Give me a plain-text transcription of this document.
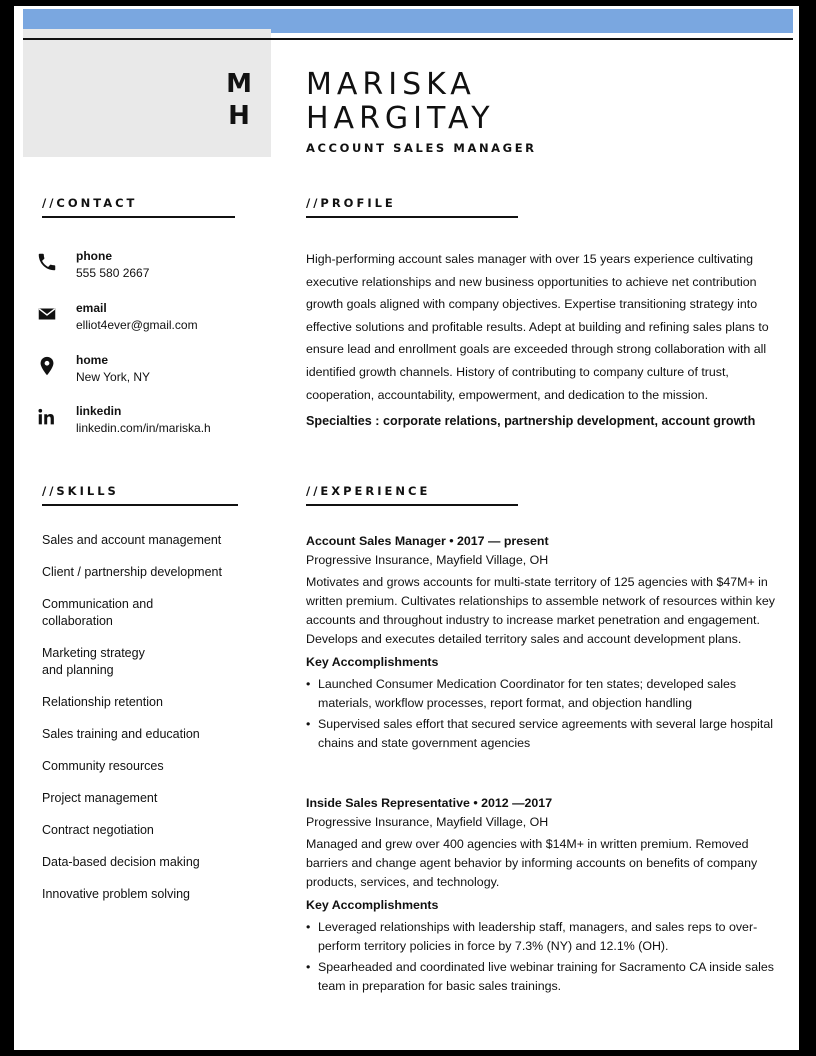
M
H
MARISKA
HARGITAY
ACCOUNT SALES MANAGER
//CONTACT
phone
555 580 2667
email
elliot4ever@gmail.com
home
New York, NY
linkedin
linkedin.com/in/mariska.h
//PROFILE
High-performing account sales manager with over 15 years experience cultivating executive relationships and new business opportunities to achieve net contribution growth goals aligned with company objectives. Expertise transitioning strategy into effective solutions and profitable results. Adept at building and refining sales plans to ensure lead and enrollment goals are exceeded through strong collaboration with all identified growth channels. History of contributing to company culture of trust, cooperation, accountability, empowerment, and dedication to the mission.
Specialties : corporate relations, partnership development, account growth
//SKILLS
Sales and account management
Client / partnership development
Communication and collaboration
Marketing strategy and planning
Relationship retention
Sales training and education
Community resources
Project management
Contract negotiation
Data-based decision making
Innovative problem solving
//EXPERIENCE
Account Sales Manager • 2017 — present
Progressive Insurance, Mayfield Village, OH
Motivates and grows accounts for multi-state territory of 125 agencies with $47M+ in written premium. Cultivates relationships to assemble network of resources within key accounts and throughout industry to increase market penetration and engagement. Develops and executes detailed territory sales and account development plans.
Key Accomplishments
• Launched Consumer Medication Coordinator for ten states; developed sales materials, workflow processes, report format, and objection handling
• Supervised sales effort that secured service agreements with several large hospital chains and state government agencies
Inside Sales Representative • 2012 —2017
Progressive Insurance, Mayfield Village, OH
Managed and grew over 400 agencies with $14M+ in written premium. Removed barriers and change agent behavior by informing accounts on benefits of company products, services, and technology.
Key Accomplishments
• Leveraged relationships with leadership staff, managers, and sales reps to over-perform territory policies in force by 7.3% (NY) and 12.1% (OH).
• Spearheaded and coordinated live webinar training for Sacramento CA inside sales team in preparation for basic sales trainings.
